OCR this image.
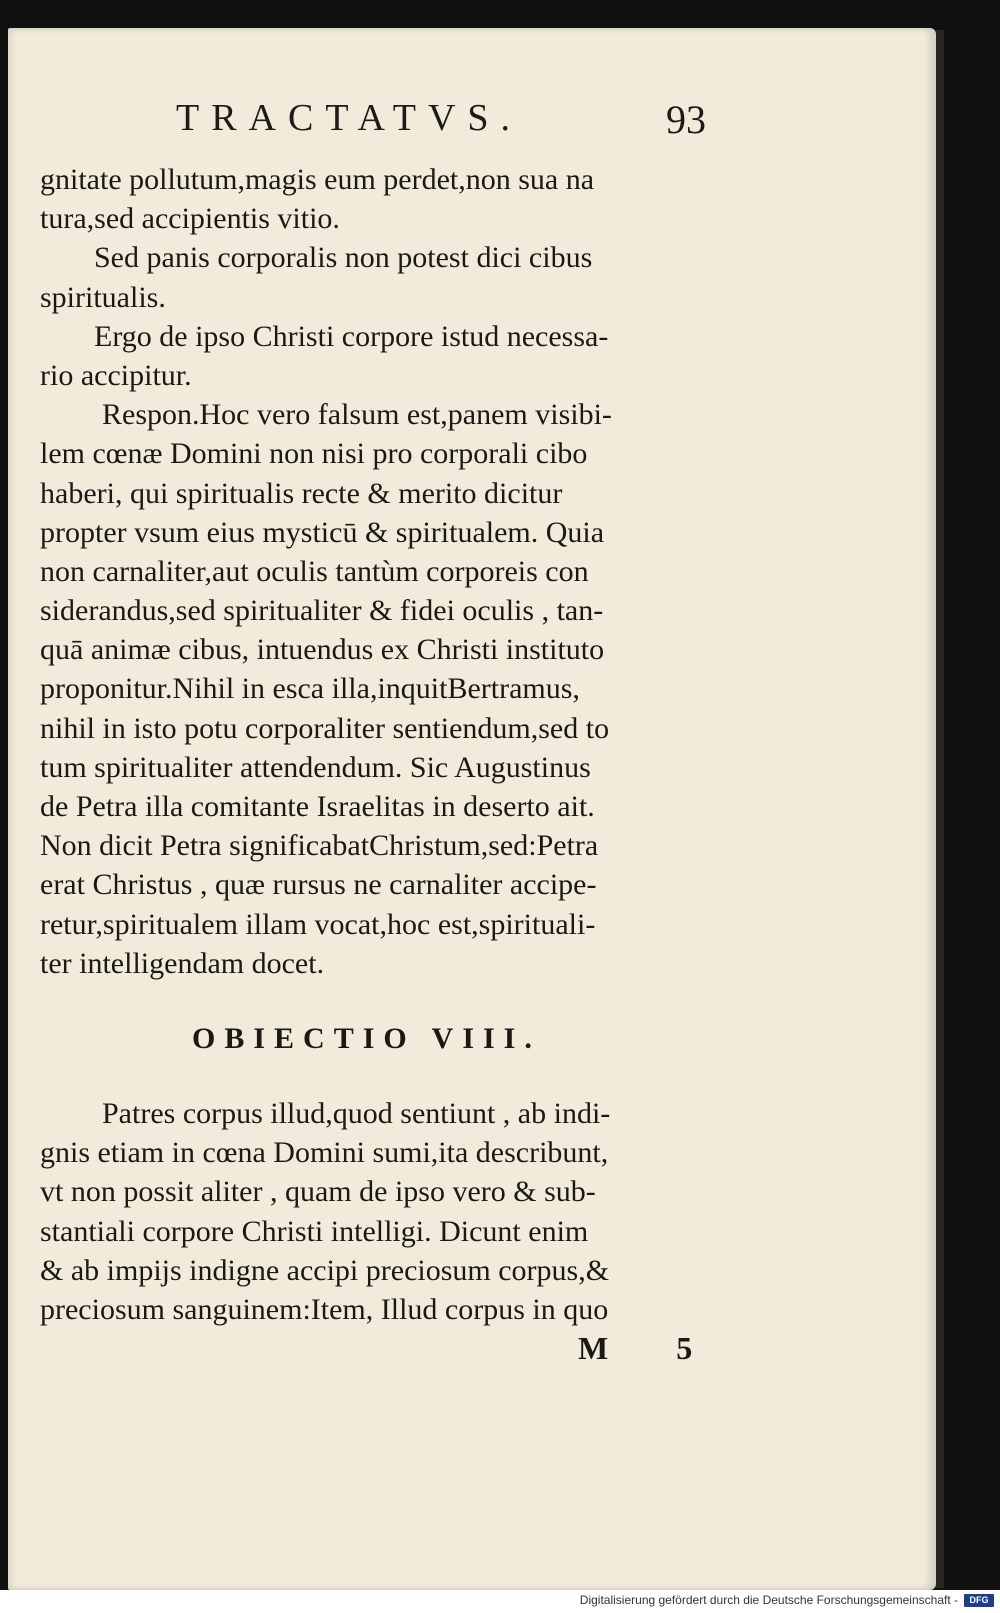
TRACTATVS.	93
gnitate pollutum,magis eum perdet,non sua na
tura,sed accipientis vitio.
Sed panis corporalis non potest dici cibus
spiritualis.
Ergo de ipso Christi corpore istud necessa-
rio accipitur.
Respon.Hoc vero falsum est,panem visibi-
lem cœnæ Domini non nisi pro corporali cibo
haberi, qui spiritualis recte & merito dicitur
propter vsum eius mysticū & spiritualem. Quia
non carnaliter,aut oculis tantùm corporeis con
siderandus,sed spiritualiter & fidei oculis , tan-
quā animæ cibus, intuendus ex Christi instituto
proponitur.Nihil in esca illa,inquitBertramus,
nihil in isto potu corporaliter sentiendum,sed to
tum spiritualiter attendendum. Sic Augustinus
de Petra illa comitante Israelitas in deserto ait.
Non dicit Petra significabatChristum,sed:Petra
erat Christus , quæ rursus ne carnaliter accipe-
retur,spiritualem illam vocat,hoc est,spirituali-
ter intelligendam docet.
OBIECTIO VIII.
Patres corpus illud,quod sentiunt , ab indi-
gnis etiam in cœna Domini sumi,ita describunt,
vt non possit aliter , quam de ipso vero & sub-
stantiali corpore Christi intelligi. Dicunt enim
& ab impijs indigne accipi preciosum corpus,&
preciosum sanguinem:Item, Illud corpus in quo
M 5
Digitalisierung gefördert durch die Deutsche Forschungsgemeinschaft -	DFG
